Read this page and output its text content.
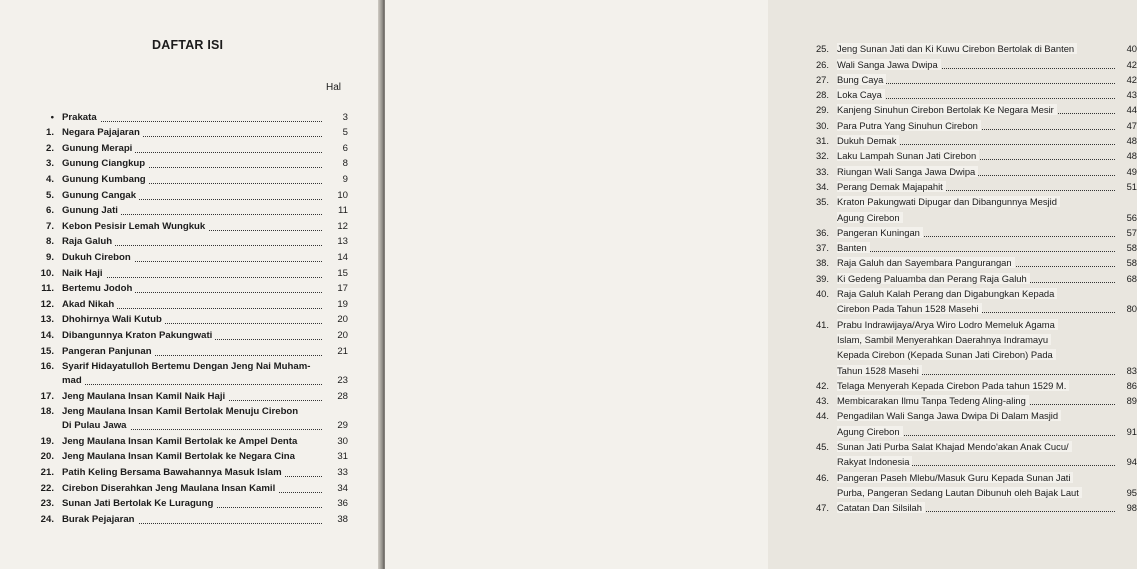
DAFTAR ISI
Hal
• Prakata	3
1. Negara Pajajaran	5
2. Gunung Merapi	6
3. Gunung Ciangkup	8
4. Gunung Kumbang	9
5. Gunung Cangak	10
6. Gunung Jati	11
7. Kebon Pesisir Lemah Wungkuk	12
8. Raja Galuh	13
9. Dukuh Cirebon	14
10. Naik Haji	15
11. Bertemu Jodoh	17
12. Akad Nikah	19
13. Dhohirnya Wali Kutub	20
14. Dibangunnya Kraton Pakungwati	20
15. Pangeran Panjunan	21
16. Syarif Hidayatulloh Bertemu Dengan Jeng Nai Muham-
mad	23
17. Jeng Maulana Insan Kamil Naik Haji	28
18. Jeng Maulana Insan Kamil Bertolak Menuju Cirebon
Di Pulau Jawa	29
19. Jeng Maulana Insan Kamil Bertolak ke Ampel Denta	30
20. Jeng Maulana Insan Kamil Bertolak ke Negara Cina	31
21. Patih Keling Bersama Bawahannya Masuk Islam	33
22. Cirebon Diserahkan Jeng Maulana Insan Kamil	34
23. Sunan Jati Bertolak Ke Luragung	36
24. Burak Pejajaran	38
25. Jeng Sunan Jati dan Ki Kuwu Cirebon Bertolak di Banten	40
26. Wali Sanga Jawa Dwipa	42
27. Bung Caya	42
28. Loka Caya	43
29. Kanjeng Sinuhun Cirebon Bertolak Ke Negara Mesir	44
30. Para Putra Yang Sinuhun Cirebon	47
31. Dukuh Demak	48
32. Laku Lampah Sunan Jati Cirebon	48
33. Riungan Wali Sanga Jawa Dwipa	49
34. Perang Demak Majapahit	51
35. Kraton Pakungwati Dipugar dan Dibangunnya Mesjid
Agung Cirebon	56
36. Pangeran Kuningan	57
37. Banten	58
38. Raja Galuh dan Sayembara Pangurangan	58
39. Ki Gedeng Paluamba dan Perang Raja Galuh	68
40. Raja Galuh Kalah Perang dan Digabungkan Kepada
Cirebon Pada Tahun 1528 Masehi	80
41. Prabu Indrawijaya/Arya Wiro Lodro Memeluk Agama
Islam, Sambil Menyerahkan Daerahnya Indramayu
Kepada Cirebon (Kepada Sunan Jati Cirebon) Pada
Tahun 1528 Masehi	83
42. Telaga Menyerah Kepada Cirebon Pada tahun 1529 M.	86
43. Membicarakan Ilmu Tanpa Tedeng Aling-aling	89
44. Pengadilan Wali Sanga Jawa Dwipa Di Dalam Masjid
Agung Cirebon	91
45. Sunan Jati Purba Salat Khajad Mendo'akan Anak Cucu/
Rakyat Indonesia	94
46. Pangeran Paseh Mlebu/Masuk Guru Kepada Sunan Jati
Purba, Pangeran Sedang Lautan Dibunuh oleh Bajak Laut	95
47. Catatan Dan Silsilah	98
